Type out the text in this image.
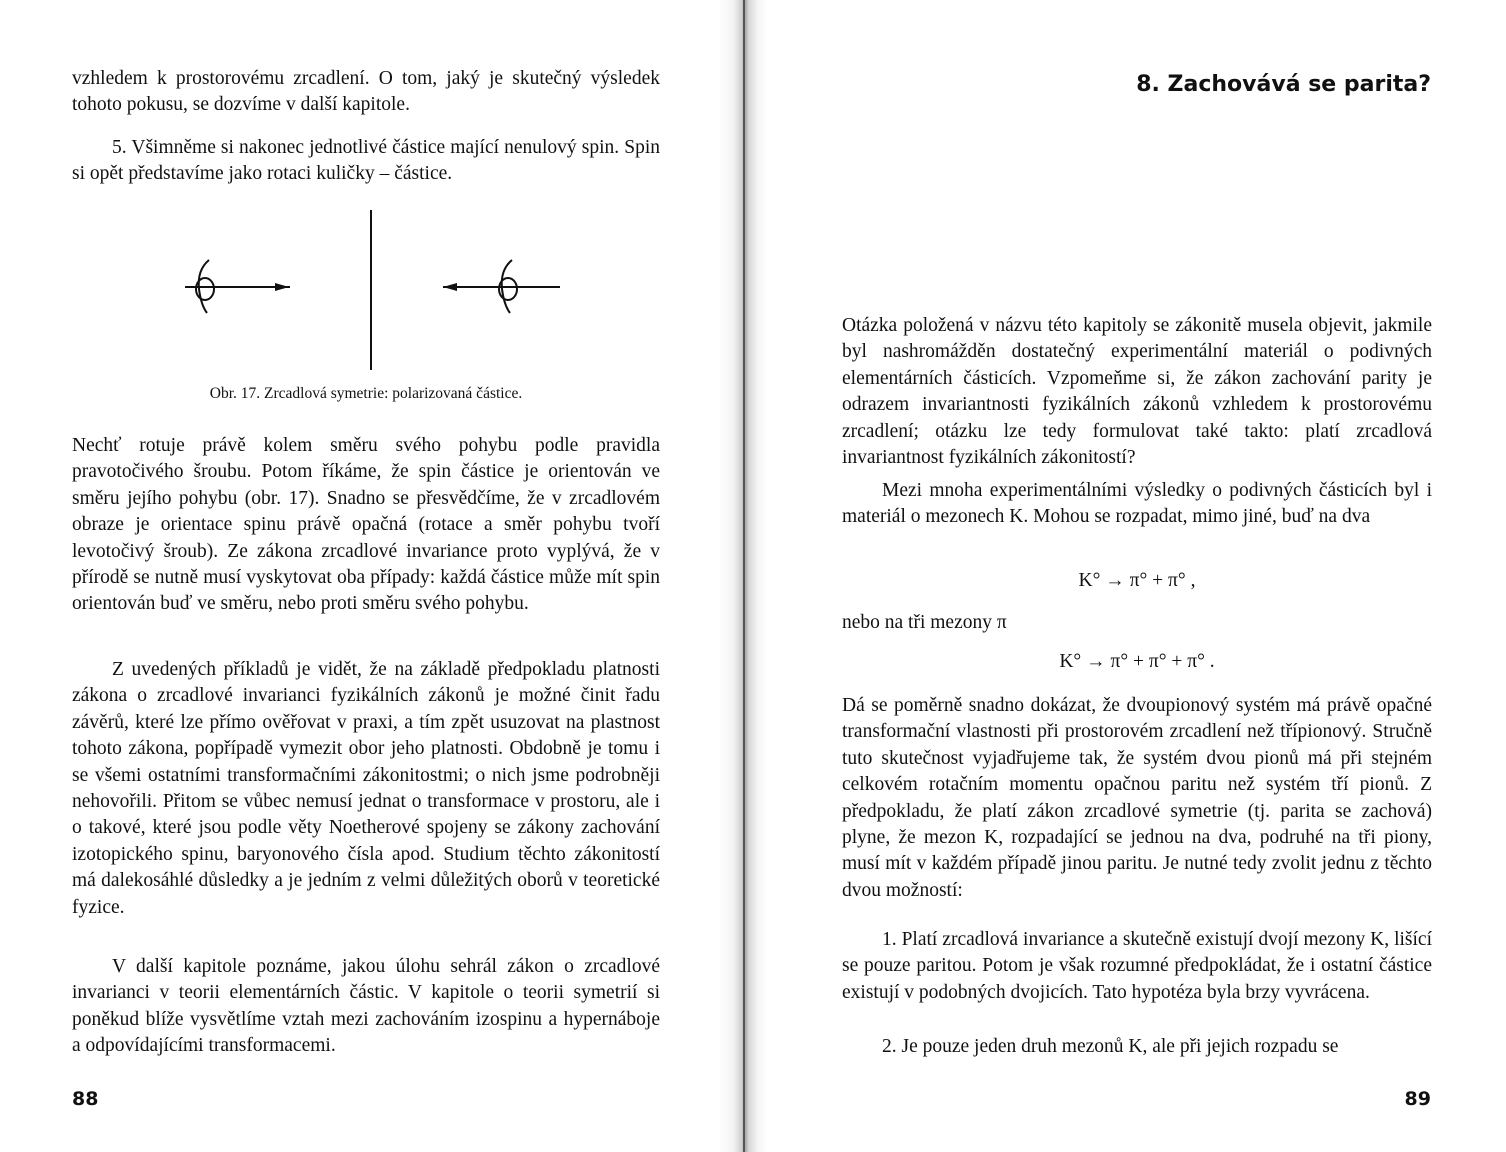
vzhledem k prostorovému zrcadlení. O tom, jaký je skutečný výsledek tohoto pokusu, se dozvíme v další kapitole.

5. Všimněme si nakonec jednotlivé částice mající nenulový spin. Spin si opět představíme jako rotaci kuličky – částice.

Obr. 17. Zrcadlová symetrie: polarizovaná částice.

Nechť rotuje právě kolem směru svého pohybu podle pravidla pravotočivého šroubu. Potom říkáme, že spin částice je orientován ve směru jejího pohybu (obr. 17). Snadno se přesvědčíme, že v zrcadlovém obraze je orientace spinu právě opačná (rotace a směr pohybu tvoří levotočivý šroub). Ze zákona zrcadlové invariance proto vyplývá, že v přírodě se nutně musí vyskytovat oba případy: každá částice může mít spin orientován buď ve směru, nebo proti směru svého pohybu.

Z uvedených příkladů je vidět, že na základě předpokladu platnosti zákona o zrcadlové invarianci fyzikálních zákonů je možné činit řadu závěrů, které lze přímo ověřovat v praxi, a tím zpět usuzovat na plastnost tohoto zákona, popřípadě vymezit obor jeho platnosti. Obdobně je tomu i se všemi ostatními transformačními zákonitostmi; o nich jsme podrobněji nehovořili. Přitom se vůbec nemusí jednat o transformace v prostoru, ale i o takové, které jsou podle věty Noetherové spojeny se zákony zachování izotopického spinu, baryonového čísla apod. Studium těchto zákonitostí má dalekosáhlé důsledky a je jedním z velmi důležitých oborů v teoretické fyzice.

V další kapitole poznáme, jakou úlohu sehrál zákon o zrcadlové invarianci v teorii elementárních částic. V kapitole o teorii symetrií si poněkud blíže vysvětlíme vztah mezi zachováním izospinu a hypernáboje a odpovídajícími transformacemi.

88

8. Zachovává se parita?

Otázka položená v názvu této kapitoly se zákonitě musela objevit, jakmile byl nashromážděn dostatečný experimentální materiál o podivných elementárních částicích. Vzpomeňme si, že zákon zachování parity je odrazem invariantnosti fyzikálních zákonů vzhledem k prostorovému zrcadlení; otázku lze tedy formulovat také takto: platí zrcadlová invariantnost fyzikálních zákonitostí?

Mezi mnoha experimentálními výsledky o podivných částicích byl i materiál o mezonech K. Mohou se rozpadat, mimo jiné, buď na dva

K° → π° + π° ,

nebo na tři mezony π

K° → π° + π° + π° .

Dá se poměrně snadno dokázat, že dvoupionový systém má právě opačné transformační vlastnosti při prostorovém zrcadlení než třípionový. Stručně tuto skutečnost vyjadřujeme tak, že systém dvou pionů má při stejném celkovém rotačním momentu opačnou paritu než systém tří pionů. Z předpokladu, že platí zákon zrcadlové symetrie (tj. parita se zachová) plyne, že mezon K, rozpadající se jednou na dva, podruhé na tři piony, musí mít v každém případě jinou paritu. Je nutné tedy zvolit jednu z těchto dvou možností:

1. Platí zrcadlová invariance a skutečně existují dvojí mezony K, lišící se pouze paritou. Potom je však rozumné předpokládat, že i ostatní částice existují v podobných dvojicích. Tato hypotéza byla brzy vyvrácena.

2. Je pouze jeden druh mezonů K, ale při jejich rozpadu se

89
